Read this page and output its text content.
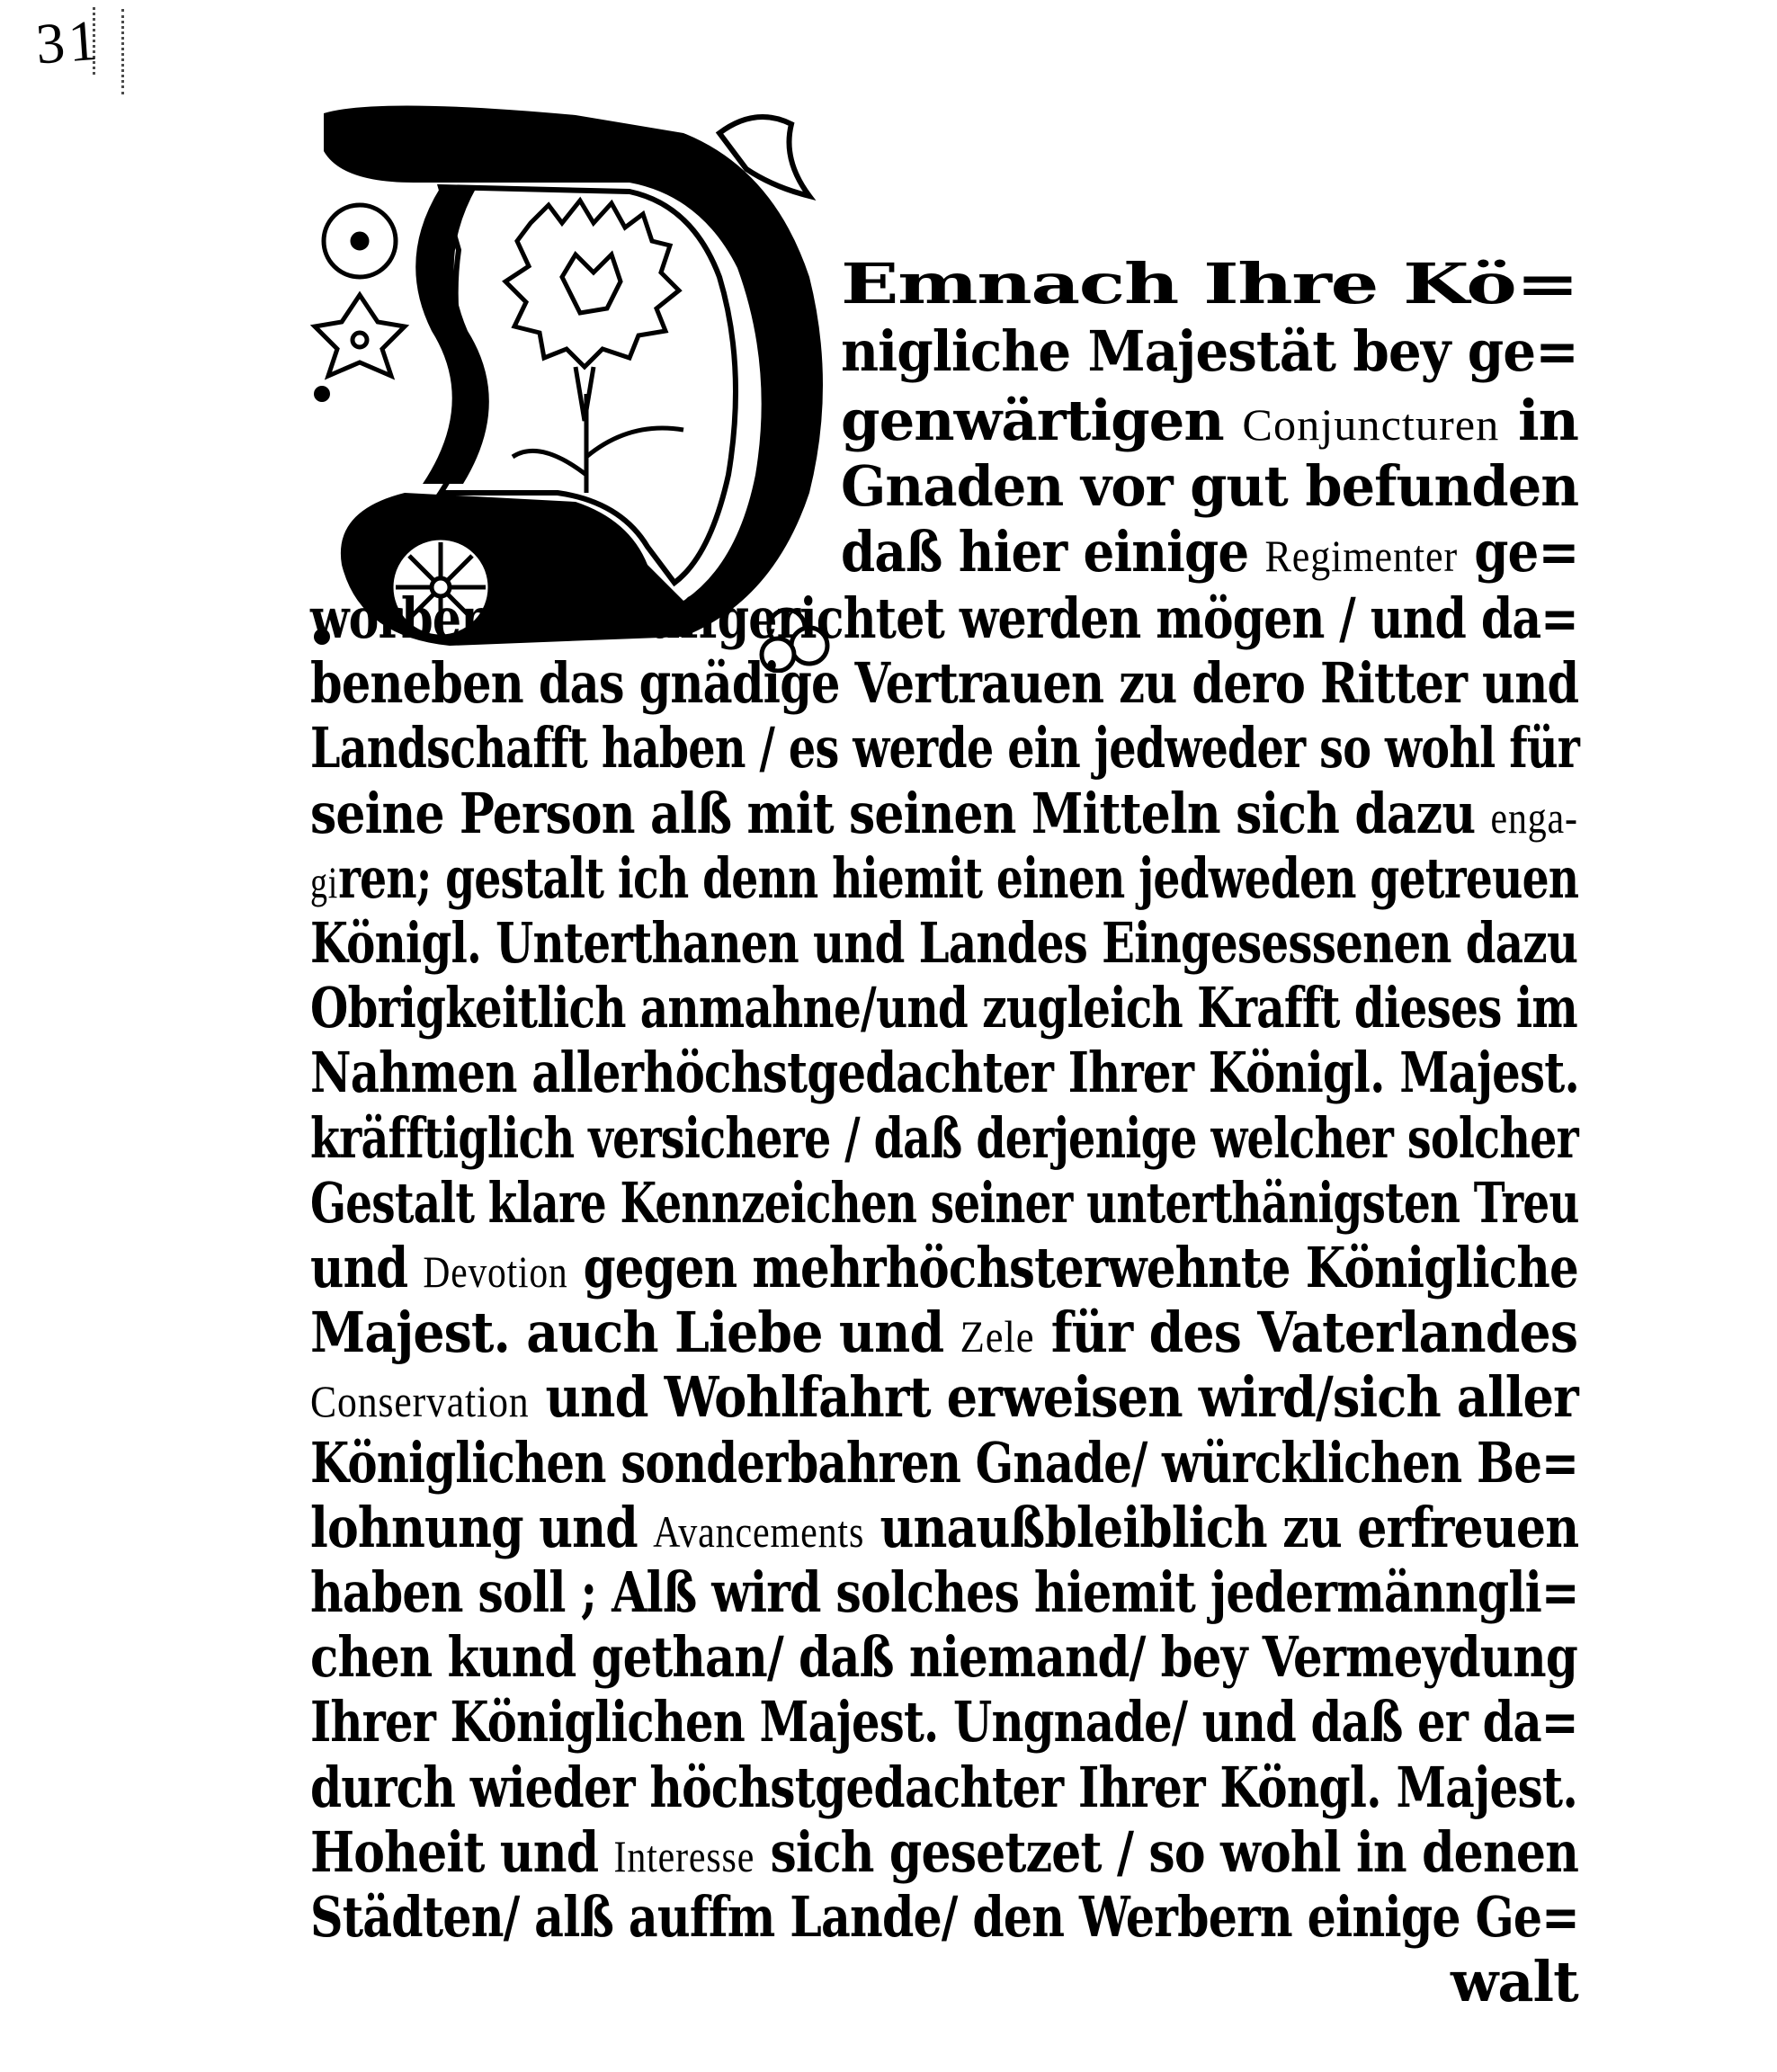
31
Emnach Ihre Kö=
nigliche Majestät bey ge=
genwärtigen Conjuncturen in
Gnaden vor gut befunden
daß hier einige Regimenter ge=
worben und auffgerichtet werden mögen / und da=
beneben das gnädige Vertrauen zu dero Ritter und
Landschafft haben / es werde ein jedweder so wohl für
seine Person alß mit seinen Mitteln sich dazu enga-
giren; gestalt ich denn hiemit einen jedweden getreuen
Königl. Unterthanen und Landes Eingesessenen dazu
Obrigkeitlich anmahne/und zugleich Krafft dieses im
Nahmen allerhöchstgedachter Ihrer Königl. Majest.
kräfftiglich versichere / daß derjenige welcher solcher
Gestalt klare Kennzeichen seiner unterthänigsten Treu
und Devotion gegen mehrhöchsterwehnte Königliche
Majest. auch Liebe und Zele für des Vaterlandes
Conservation und Wohlfahrt erweisen wird/sich aller
Königlichen sonderbahren Gnade/ würcklichen Be=
lohnung und Avancements unaußbleiblich zu erfreuen
haben soll ; Alß wird solches hiemit jedermänngli=
chen kund gethan/ daß niemand/ bey Vermeydung
Ihrer Königlichen Majest. Ungnade/ und daß er da=
durch wieder höchstgedachter Ihrer Köngl. Majest.
Hoheit und Interesse sich gesetzet / so wohl in denen
Städten/ alß auffm Lande/ den Werbern einige Ge=
walt
